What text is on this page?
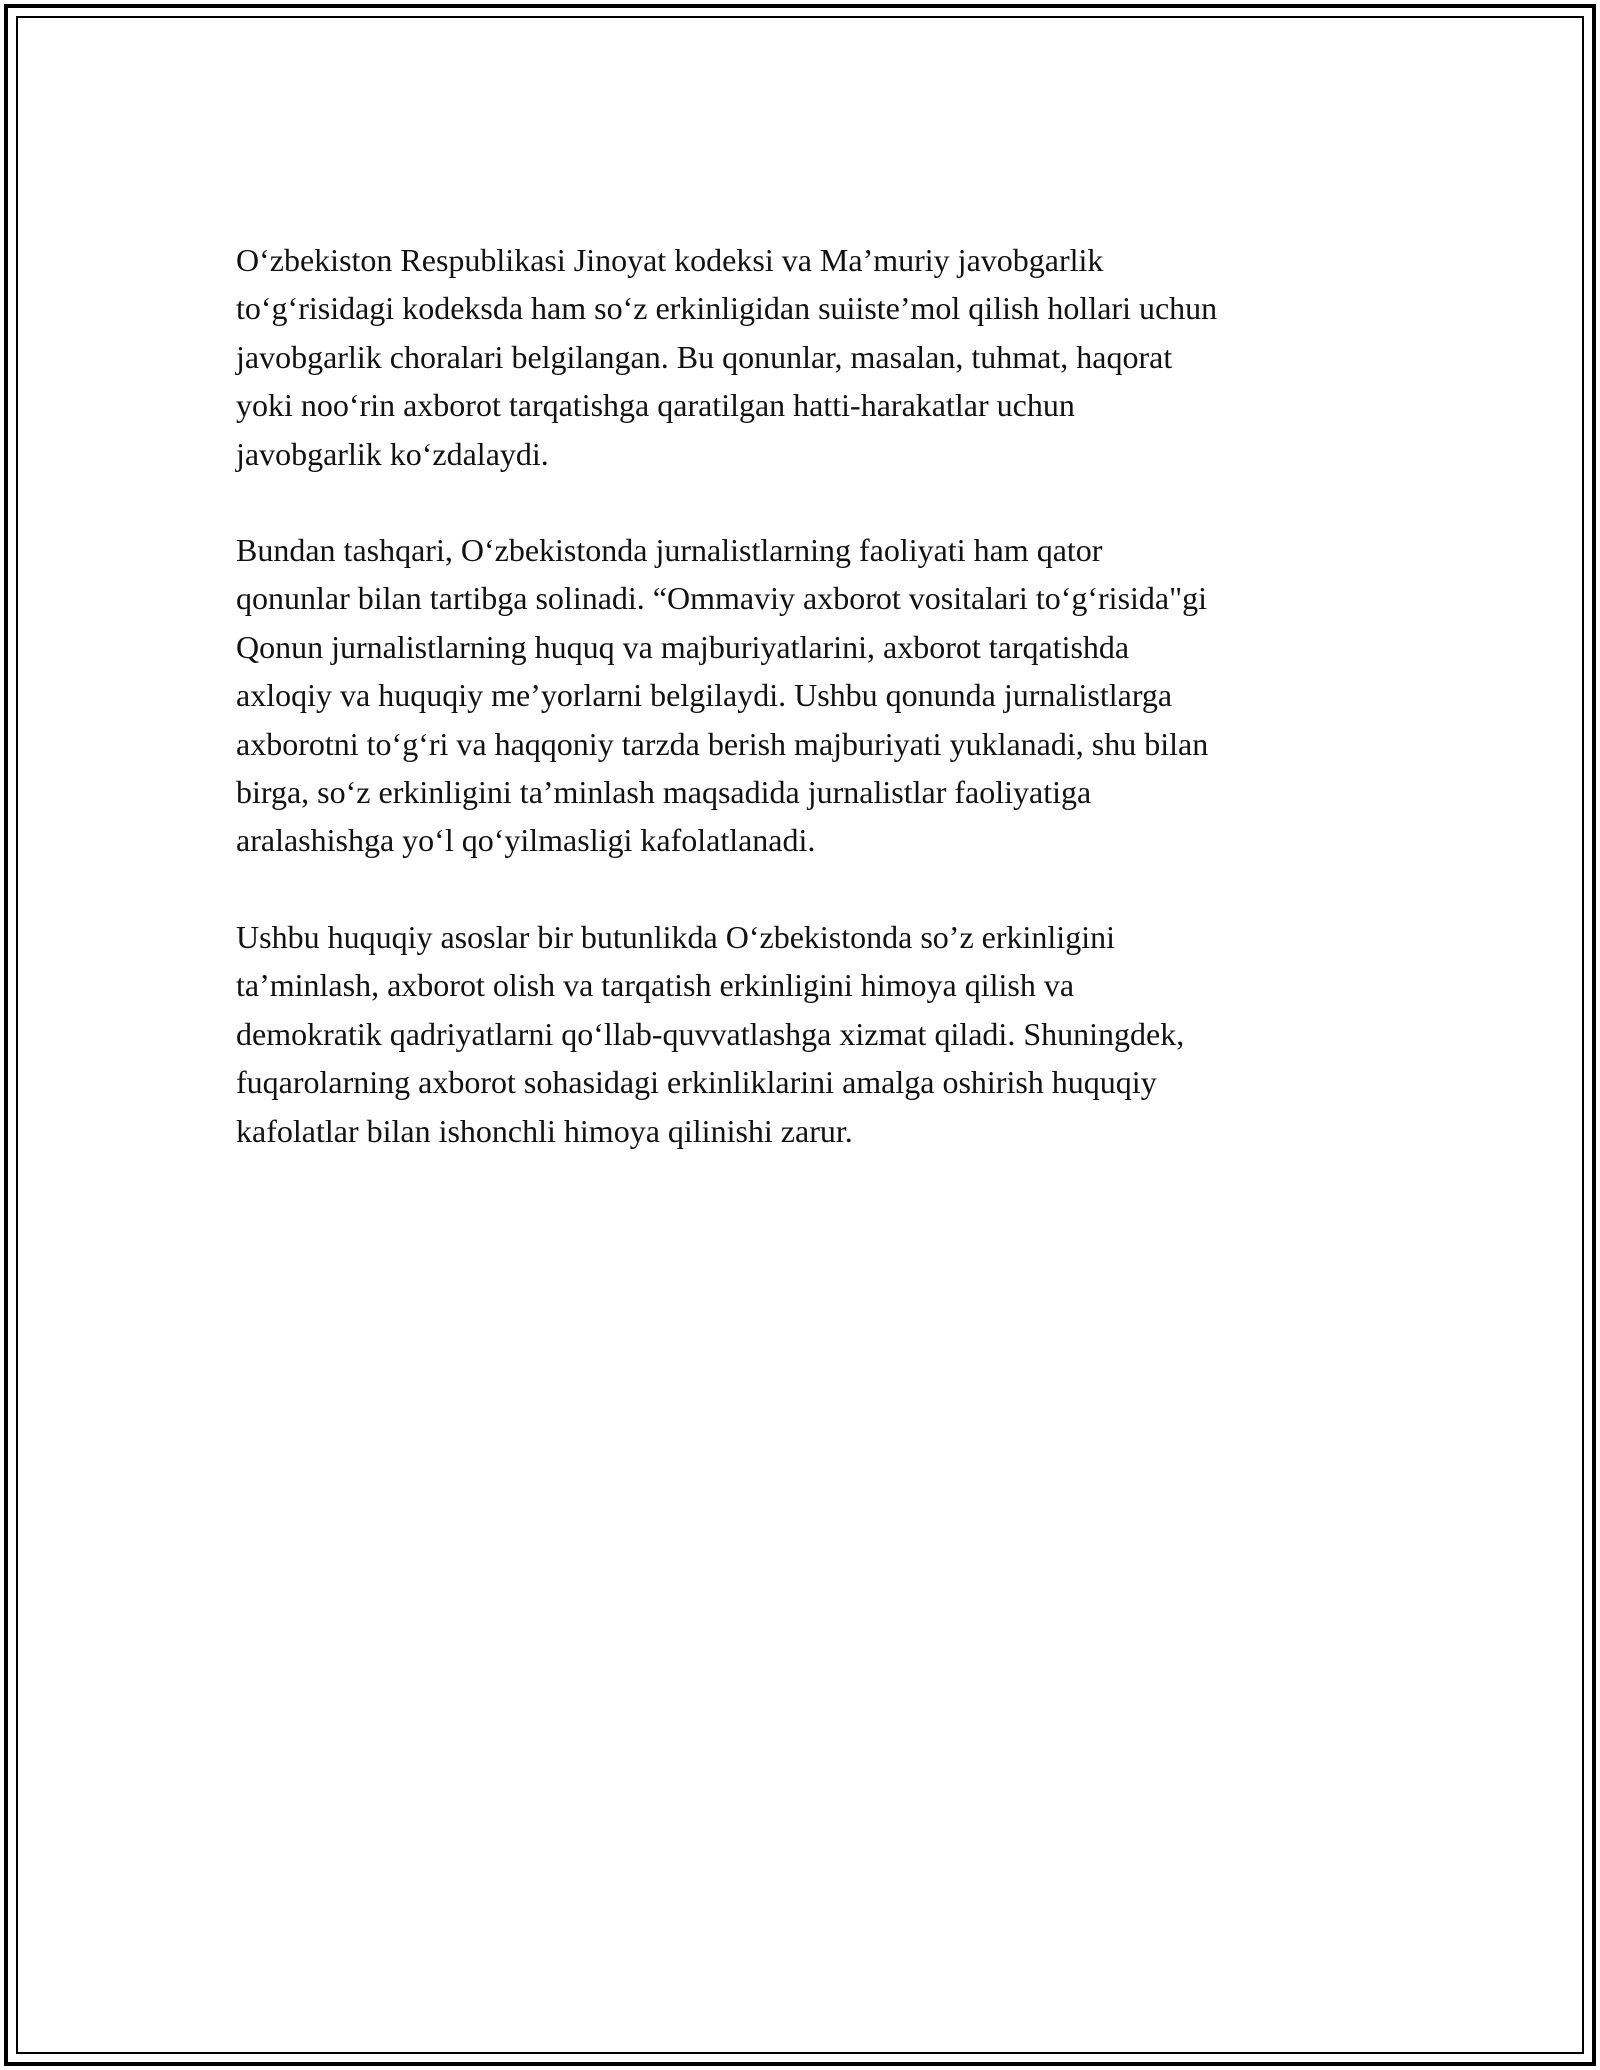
O‘zbekiston Respublikasi Jinoyat kodeksi va Ma’muriy javobgarlik
to‘g‘risidagi kodeksda ham so‘z erkinligidan suiiste’mol qilish hollari uchun
javobgarlik choralari belgilangan. Bu qonunlar, masalan, tuhmat, haqorat
yoki noo‘rin axborot tarqatishga qaratilgan hatti-harakatlar uchun
javobgarlik ko‘zdalaydi.

Bundan tashqari, O‘zbekistonda jurnalistlarning faoliyati ham qator
qonunlar bilan tartibga solinadi. “Ommaviy axborot vositalari to‘g‘risida"gi
Qonun jurnalistlarning huquq va majburiyatlarini, axborot tarqatishda
axloqiy va huquqiy me’yorlarni belgilaydi. Ushbu qonunda jurnalistlarga
axborotni to‘g‘ri va haqqoniy tarzda berish majburiyati yuklanadi, shu bilan
birga, so‘z erkinligini ta’minlash maqsadida jurnalistlar faoliyatiga
aralashishga yo‘l qo‘yilmasligi kafolatlanadi.

Ushbu huquqiy asoslar bir butunlikda O‘zbekistonda so’z erkinligini
ta’minlash, axborot olish va tarqatish erkinligini himoya qilish va
demokratik qadriyatlarni qo‘llab-quvvatlashga xizmat qiladi. Shuningdek,
fuqarolarning axborot sohasidagi erkinliklarini amalga oshirish huquqiy
kafolatlar bilan ishonchli himoya qilinishi zarur.
